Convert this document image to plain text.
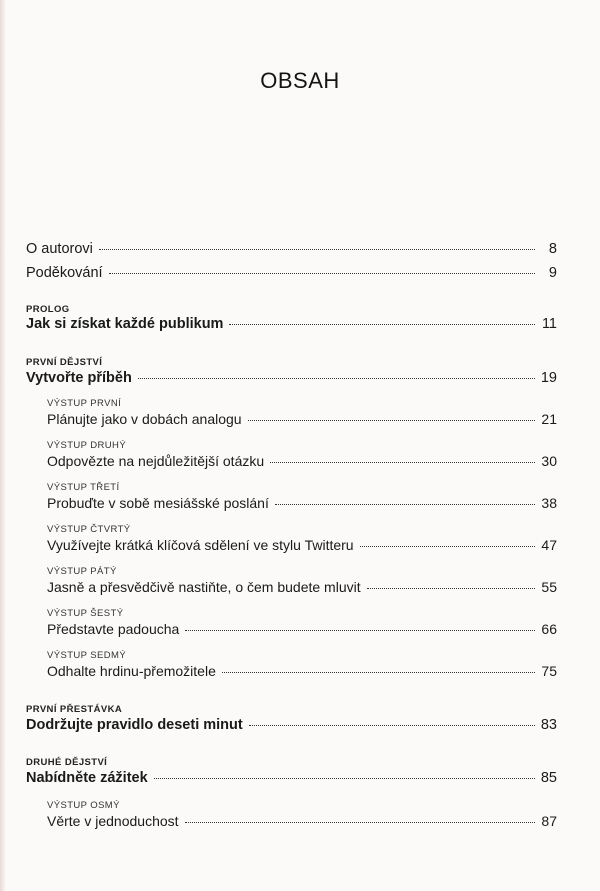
OBSAH
O autorovi	8
Poděkování	9
PROLOG
Jak si získat každé publikum	11
PRVNÍ DĚJSTVÍ
Vytvořte příběh	19
VÝSTUP PRVNÍ
Plánujte jako v dobách analogu	21
VÝSTUP DRUHÝ
Odpovězte na nejdůležitější otázku	30
VÝSTUP TŘETÍ
Probuďte v sobě mesiášské poslání	38
VÝSTUP ČTVRTÝ
Využívejte krátká klíčová sdělení ve stylu Twitteru	47
VÝSTUP PÁTÝ
Jasně a přesvědčivě nastiňte, o čem budete mluvit	55
VÝSTUP ŠESTÝ
Představte padoucha	66
VÝSTUP SEDMÝ
Odhalte hrdinu-přemožitele	75
PRVNÍ PŘESTÁVKA
Dodržujte pravidlo deseti minut	83
DRUHÉ DĚJSTVÍ
Nabídněte zážitek	85
VÝSTUP OSMÝ
Věrte v jednoduchost	87
